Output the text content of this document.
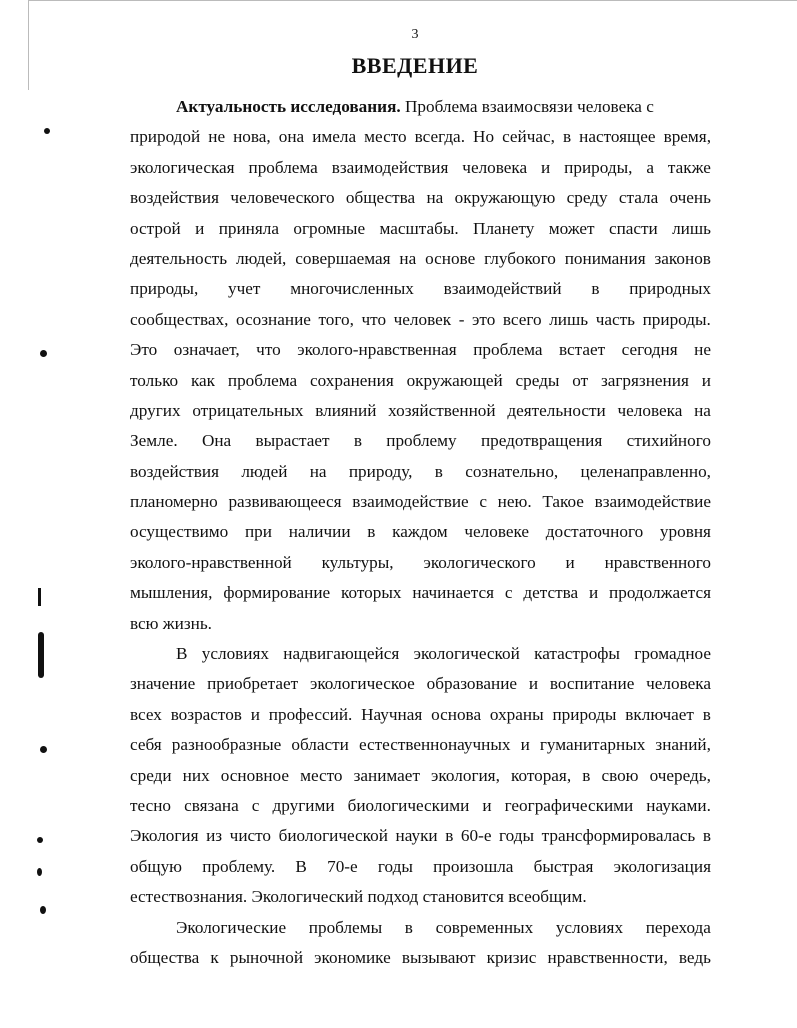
3
ВВЕДЕНИЕ
Актуальность исследования. Проблема взаимосвязи человека с
природой не нова, она имела место всегда. Но сейчас, в настоящее время,
экологическая проблема взаимодействия человека и природы, а также
воздействия человеческого общества на окружающую среду стала очень
острой и приняла огромные масштабы. Планету может спасти лишь
деятельность людей, совершаемая на основе глубокого понимания законов
природы, учет многочисленных взаимодействий в природных
сообществах, осознание того, что человек - это всего лишь часть природы.
Это означает, что эколого-нравственная проблема встает сегодня не
только как проблема сохранения окружающей среды от загрязнения и
других отрицательных влияний хозяйственной деятельности человека на
Земле. Она вырастает в проблему предотвращения стихийного
воздействия людей на природу, в сознательно, целенаправленно,
планомерно развивающееся взаимодействие с нею. Такое взаимодействие
осуществимо при наличии в каждом человеке достаточного уровня
эколого-нравственной культуры, экологического и нравственного
мышления, формирование которых начинается с детства и продолжается
всю жизнь.
В условиях надвигающейся экологической катастрофы громадное
значение приобретает экологическое образование и воспитание человека
всех возрастов и профессий. Научная основа охраны природы включает в
себя разнообразные области естественнонаучных и гуманитарных знаний,
среди них основное место занимает экология, которая, в свою очередь,
тесно связана с другими биологическими и географическими науками.
Экология из чисто биологической науки в 60-е годы трансформировалась в
общую проблему. В 70-е годы произошла быстрая экологизация
естествознания. Экологический подход становится всеобщим.
Экологические проблемы в современных условиях перехода
общества к рыночной экономике вызывают кризис нравственности, ведь
